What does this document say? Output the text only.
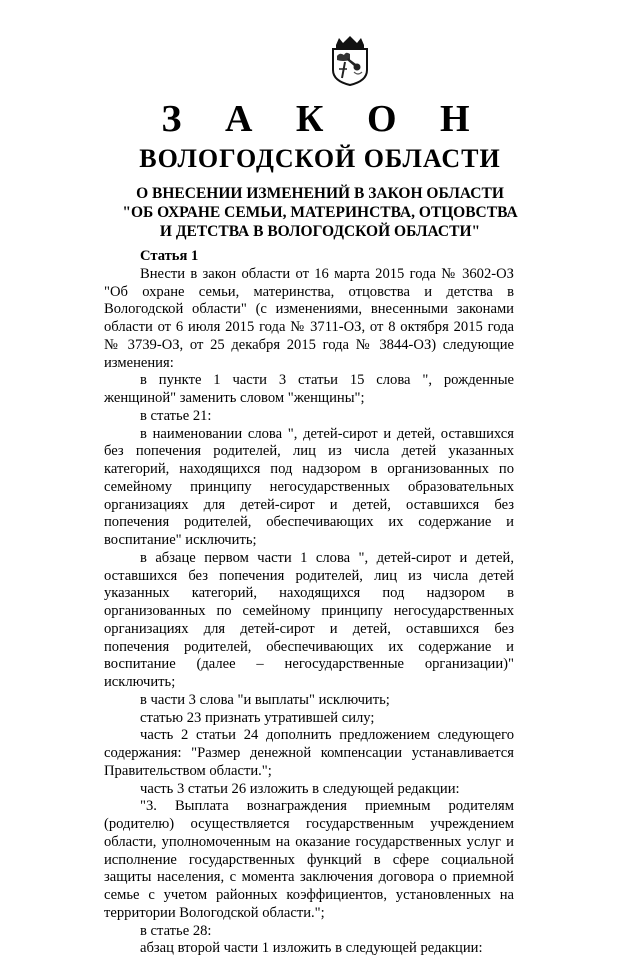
З А К О Н
ВОЛОГОДСКОЙ ОБЛАСТИ
О ВНЕСЕНИИ ИЗМЕНЕНИЙ В ЗАКОН ОБЛАСТИ
"ОБ ОХРАНЕ СЕМЬИ, МАТЕРИНСТВА, ОТЦОВСТВА
И ДЕТСТВА В ВОЛОГОДСКОЙ ОБЛАСТИ"
Статья 1

Внести в закон области от 16 марта 2015 года № 3602-ОЗ "Об охране семьи, материнства, отцовства и детства в Вологодской области" (с изменениями, внесенными законами области от 6 июля 2015 года № 3711-ОЗ, от 8 октября 2015 года № 3739-ОЗ, от 25 декабря 2015 года № 3844-ОЗ) следующие изменения:

в пункте 1 части 3 статьи 15 слова ", рожденные женщиной" заменить словом "женщины";

в статье 21:

в наименовании слова ", детей-сирот и детей, оставшихся без попечения родителей, лиц из числа детей указанных категорий, находящихся под надзором в организованных по семейному принципу негосударственных образовательных организациях для детей-сирот и детей, оставшихся без попечения родителей, обеспечивающих их содержание и воспитание" исключить;

в абзаце первом части 1 слова ", детей-сирот и детей, оставшихся без попечения родителей, лиц из числа детей указанных категорий, находящихся под надзором в организованных по семейному принципу негосударственных организациях для детей-сирот и детей, оставшихся без попечения родителей, обеспечивающих их содержание и воспитание (далее – негосударственные организации)" исключить;

в части 3 слова "и выплаты" исключить;

статью 23 признать утратившей силу;

часть 2 статьи 24 дополнить предложением следующего содержания: "Размер денежной компенсации устанавливается Правительством области.";

часть 3 статьи 26 изложить в следующей редакции:

"3. Выплата вознаграждения приемным родителям (родителю) осуществляется государственным учреждением области, уполномоченным на оказание государственных услуг и исполнение государственных функций в сфере социальной защиты населения, с момента заключения договора о приемной семье с учетом районных коэффициентов, установленных на территории Вологодской области.";

в статье 28:

абзац второй части 1 изложить в следующей редакции:
